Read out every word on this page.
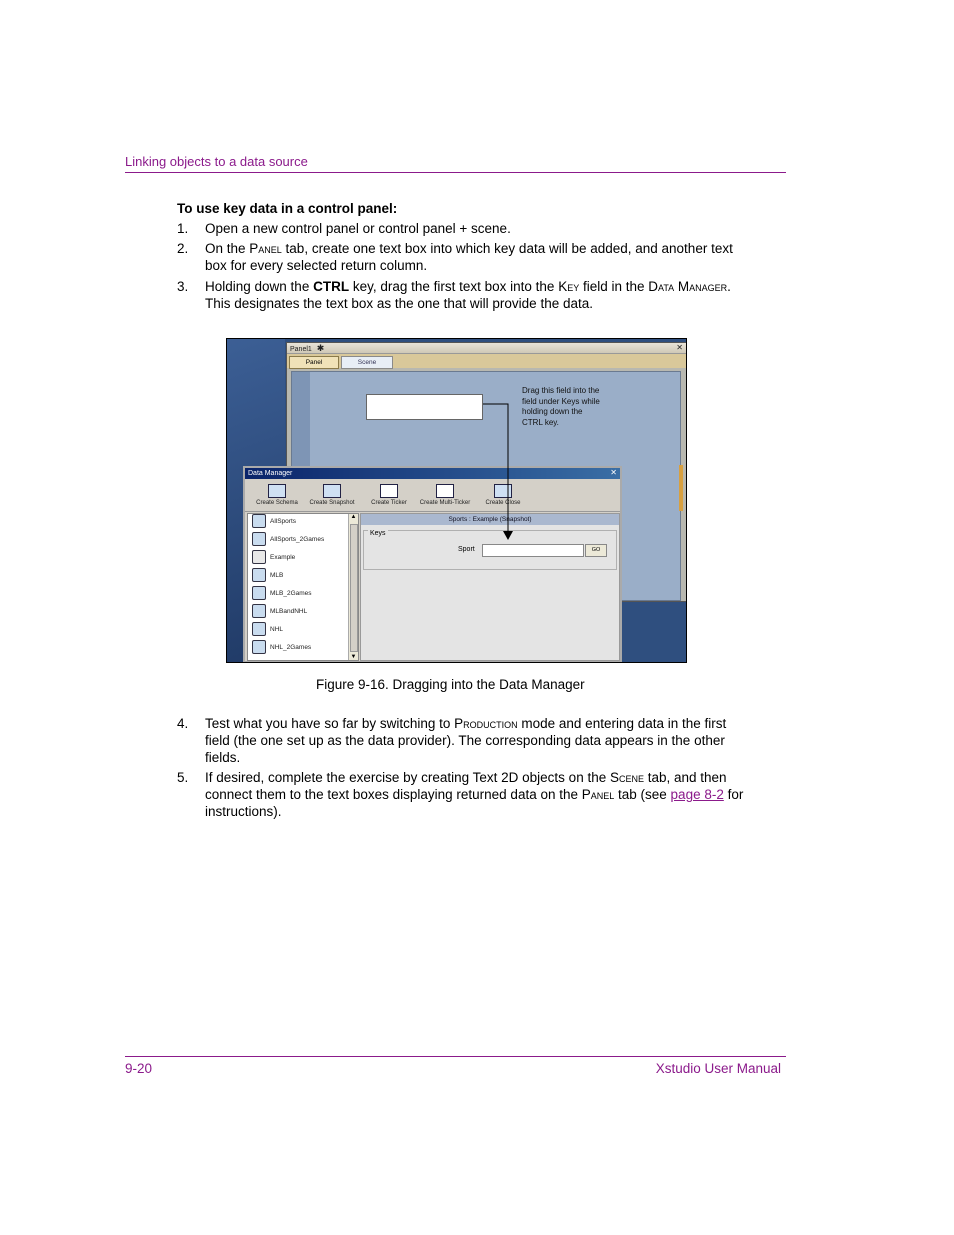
Linking objects to a data source
To use key data in a control panel:
1. Open a new control panel or control panel + scene.
2. On the Panel tab, create one text box into which key data will be added, and another text box for every selected return column.
3. Holding down the CTRL key, drag the first text box into the Key field in the Data Manager. This designates the text box as the one that will provide the data.
Panel1 ✱	✕
Panel	Scene
Drag this field into the field under Keys while holding down the CTRL key.
Data Manager	✕
Create Schema	Create Snapshot	Create Ticker	Create Multi-Ticker	Create Close
AllSports
AllSports_2Games
Example
MLB
MLB_2Games
MLBandNHL
NHL
NHL_2Games
▲
▼
Sports : Example (Snapshot)
Keys
Sport	GO
Figure 9-16. Dragging into the Data Manager
4. Test what you have so far by switching to Production mode and entering data in the first field (the one set up as the data provider). The corresponding data appears in the other fields.
5. If desired, complete the exercise by creating Text 2D objects on the Scene tab, and then connect them to the text boxes displaying returned data on the Panel tab (see page 8-2 for instructions).
9-20	Xstudio User Manual
